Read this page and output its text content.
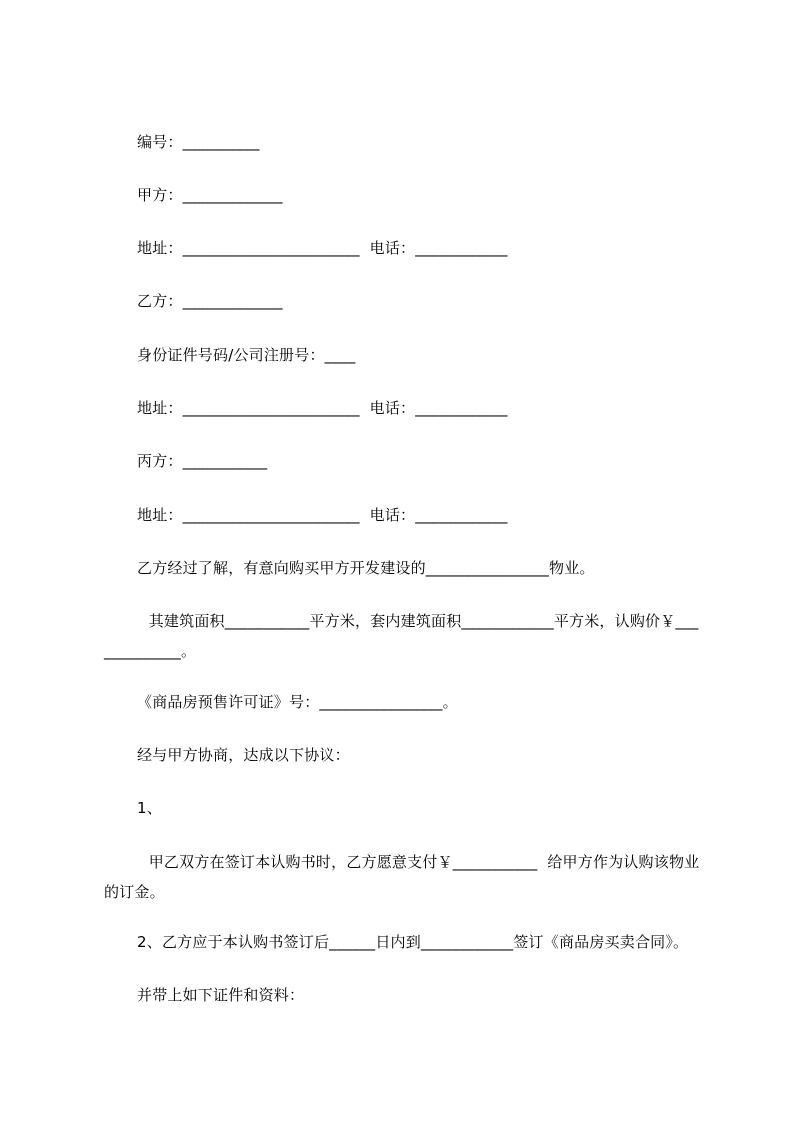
编号：__________
甲方：_____________
地址：_______________________  电话：____________
乙方：_____________
身份证件号码/公司注册号：____
地址：_______________________  电话：____________
丙方：___________
地址：_______________________  电话：____________
乙方经过了解，有意向购买甲方开发建设的________________物业。
其建筑面积___________平方米，套内建筑面积____________平方米，认购价￥_____________。
《商品房预售许可证》号：________________。
经与甲方协商，达成以下协议：
1、
甲乙双方在签订本认购书时，乙方愿意支付￥___________  给甲方作为认购该物业的订金。
2、乙方应于本认购书签订后______日内到____________签订《商品房买卖合同》。
并带上如下证件和资料：
